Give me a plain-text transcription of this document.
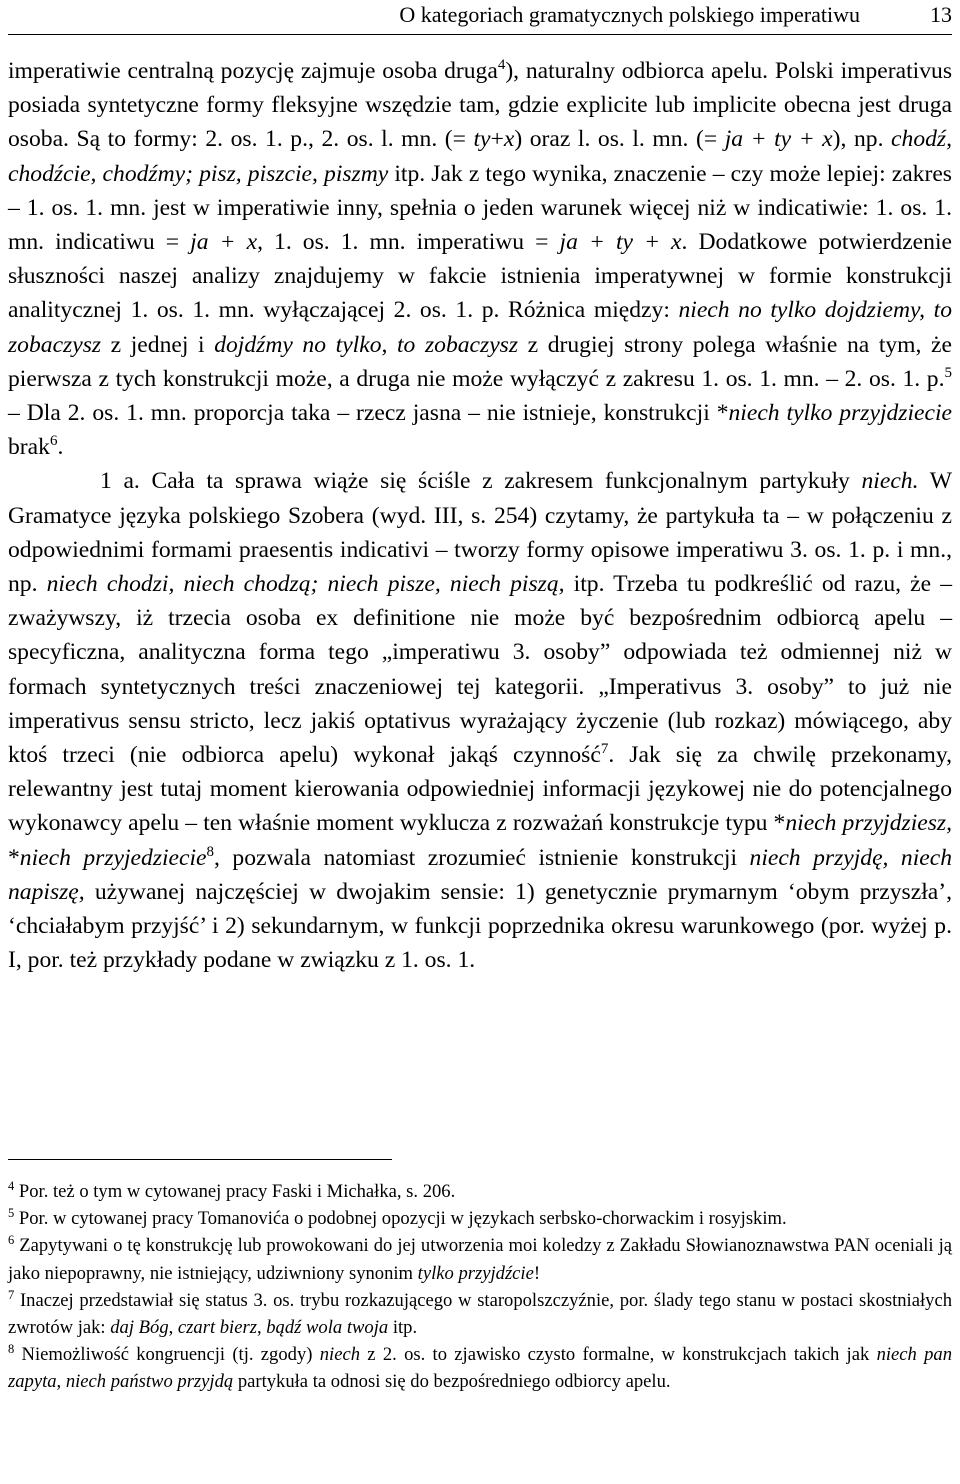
O kategoriach gramatycznych polskiego imperatiwu	13

imperatiwie centralną pozycję zajmuje osoba druga$^4$), naturalny odbiorca apelu. Polski imperativus posiada syntetyczne formy fleksyjne wszędzie tam, gdzie explicite lub implicite obecna jest druga osoba. Są to formy: 2. os. 1. p., 2. os. l. mn. (= ty+x) oraz l. os. l. mn. (= ja + ty + x), np. chodź, chodźcie, chodźmy; pisz, piszcie, piszmy itp. Jak z tego wynika, znaczenie – czy może lepiej: zakres – 1. os. 1. mn. jest w imperatiwie inny, spełnia o jeden warunek więcej niż w indicatiwie: 1. os. 1. mn. indicatiwu = ja + x, 1. os. 1. mn. imperatiwu = ja + ty + x. Dodatkowe potwierdzenie słuszności naszej analizy znajdujemy w fakcie istnienia imperatywnej w formie konstrukcji analitycznej 1. os. 1. mn. wyłączającej 2. os. 1. p. Różnica między: niech no tylko dojdziemy, to zobaczysz z jednej i dojdźmy no tylko, to zobaczysz z drugiej strony polega właśnie na tym, że pierwsza z tych konstrukcji może, a druga nie może wyłączyć z zakresu 1. os. 1. mn. – 2. os. 1. p.$^5$ – Dla 2. os. 1. mn. proporcja taka – rzecz jasna – nie istnieje, konstrukcji *niech tylko przyjdziecie brak$^6$.

1 a. Cała ta sprawa wiąże się ściśle z zakresem funkcjonalnym partykuły niech. W Gramatyce języka polskiego Szobera (wyd. III, s. 254) czytamy, że partykuła ta – w połączeniu z odpowiednimi formami praesentis indicativi – tworzy formy opisowe imperatiwu 3. os. 1. p. i mn., np. niech chodzi, niech chodzą; niech pisze, niech piszą, itp. Trzeba tu podkreślić od razu, że – zważywszy, iż trzecia osoba ex definitione nie może być bezpośrednim odbiorcą apelu – specyficzna, analityczna forma tego „imperatiwu 3. osoby” odpowiada też odmiennej niż w formach syntetycznych treści znaczeniowej tej kategorii. „Imperativus 3. osoby” to już nie imperativus sensu stricto, lecz jakiś optativus wyrażający życzenie (lub rozkaz) mówiącego, aby ktoś trzeci (nie odbiorca apelu) wykonał jakąś czynność$^7$. Jak się za chwilę przekonamy, relewantny jest tutaj moment kierowania odpowiedniej informacji językowej nie do potencjalnego wykonawcy apelu – ten właśnie moment wyklucza z rozważań konstrukcje typu *niech przyjdziesz, *niech przyjedziecie$^8$, pozwala natomiast zrozumieć istnienie konstrukcji niech przyjdę, niech napiszę, używanej najczęściej w dwojakim sensie: 1) genetycznie prymarnym ʻobym przyszła’, ʻchciałabym przyjść’ i 2) sekundarnym, w funkcji poprzednika okresu warunkowego (por. wyżej p. I, por. też przykłady podane w związku z 1. os. 1.

$^4$ Por. też o tym w cytowanej pracy Faski i Michałka, s. 206.

$^5$ Por. w cytowanej pracy Tomanovića o podobnej opozycji w językach serbsko-chorwackim i rosyjskim.

$^6$ Zapytywani o tę konstrukcję lub prowokowani do jej utworzenia moi koledzy z Zakładu Słowianoznawstwa PAN oceniali ją jako niepoprawny, nie istniejący, udziwniony synonim tylko przyjdźcie!

$^7$ Inaczej przedstawiał się status 3. os. trybu rozkazującego w staropolszczyźnie, por. ślady tego stanu w postaci skostniałych zwrotów jak: daj Bóg, czart bierz, bądź wola twoja itp.

$^8$ Niemożliwość kongruencji (tj. zgody) niech z 2. os. to zjawisko czysto formalne, w konstrukcjach takich jak niech pan zapyta, niech państwo przyjdą partykuła ta odnosi się do bezpośredniego odbiorcy apelu.
